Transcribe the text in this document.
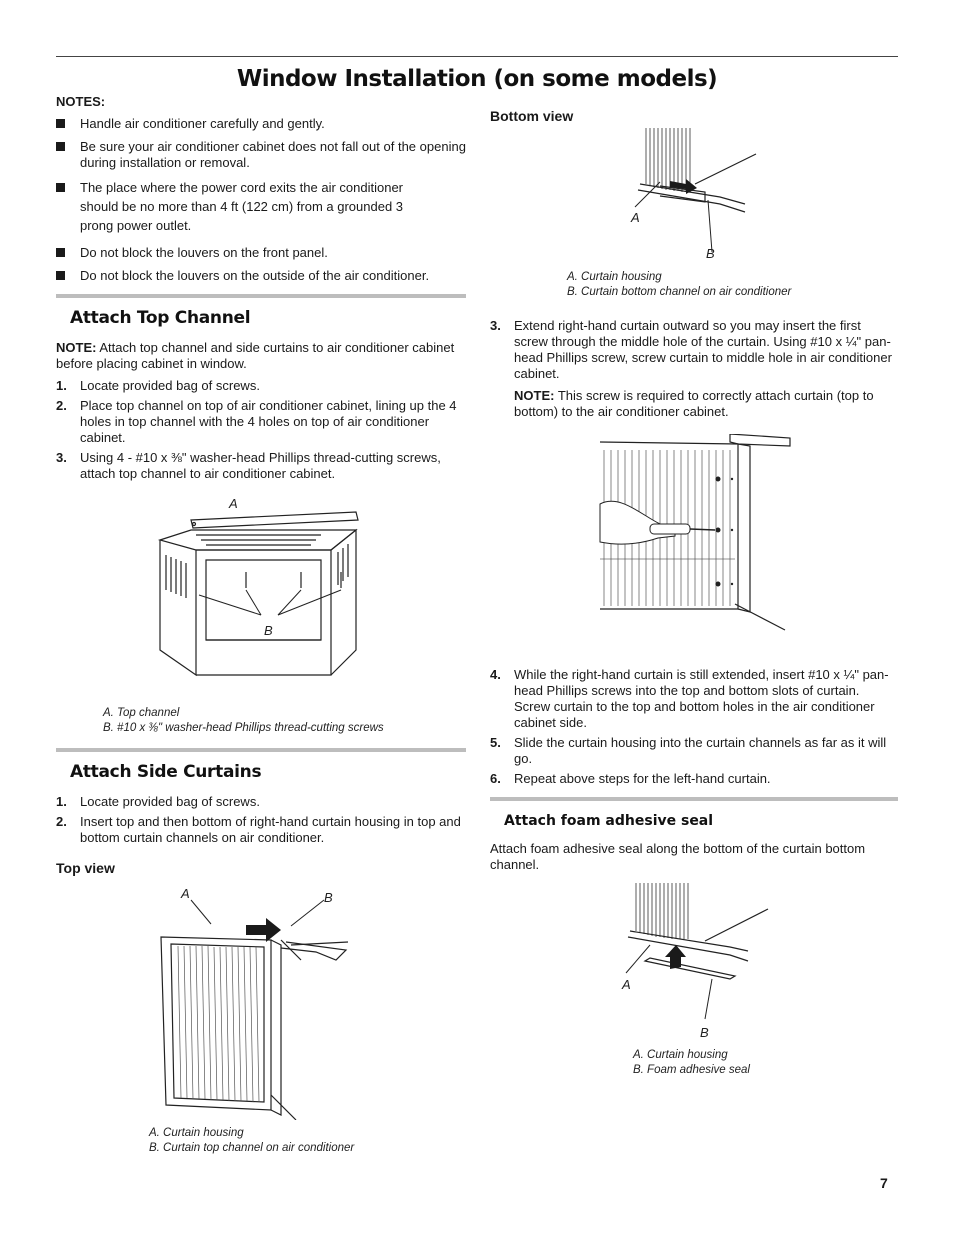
Window Installation (on some models)
NOTES:
Handle air conditioner carefully and gently.
Be sure your air conditioner cabinet does not fall out of the opening during installation or removal.
The place where the power cord exits the air conditioner should be no more than 4 ft (122 cm) from a grounded 3 prong power outlet.
Do not block the louvers on the front panel.
Do not block the louvers on the outside of the air conditioner.
Attach Top Channel

NOTE: Attach top channel and side curtains to air conditioner cabinet before placing cabinet in window.

1. Locate provided bag of screws.
2. Place top channel on top of air conditioner cabinet, lining up the 4 holes in top channel with the 4 holes on top of air conditioner cabinet.
3. Using 4 - #10 x ⅜" washer-head Phillips thread-cutting screws, attach top channel to air conditioner cabinet.
A
B
A. Top channel
B. #10 x ⅜" washer-head Phillips thread-cutting screws
Attach Side Curtains
1. Locate provided bag of screws.
2. Insert top and then bottom of right-hand curtain housing in top and bottom curtain channels on air conditioner.
Top view
A	B
A. Curtain housing
B. Curtain top channel on air conditioner
Bottom view
A
B
A. Curtain housing
B. Curtain bottom channel on air conditioner
3. Extend right-hand curtain outward so you may insert the first screw through the middle hole of the curtain. Using #10 x ¼" pan-head Phillips screw, screw curtain to middle hole in air conditioner cabinet.

NOTE: This screw is required to correctly attach curtain (top to bottom) to the air conditioner cabinet.

4. While the right-hand curtain is still extended, insert #10 x ¼" pan-head Phillips screws into the top and bottom slots of curtain. Screw curtain to the top and bottom holes in the air conditioner cabinet side.
5. Slide the curtain housing into the curtain channels as far as it will go.
6. Repeat above steps for the left-hand curtain.
Attach foam adhesive seal

Attach foam adhesive seal along the bottom of the curtain bottom channel.

A
B
A. Curtain housing
B. Foam adhesive seal
7
